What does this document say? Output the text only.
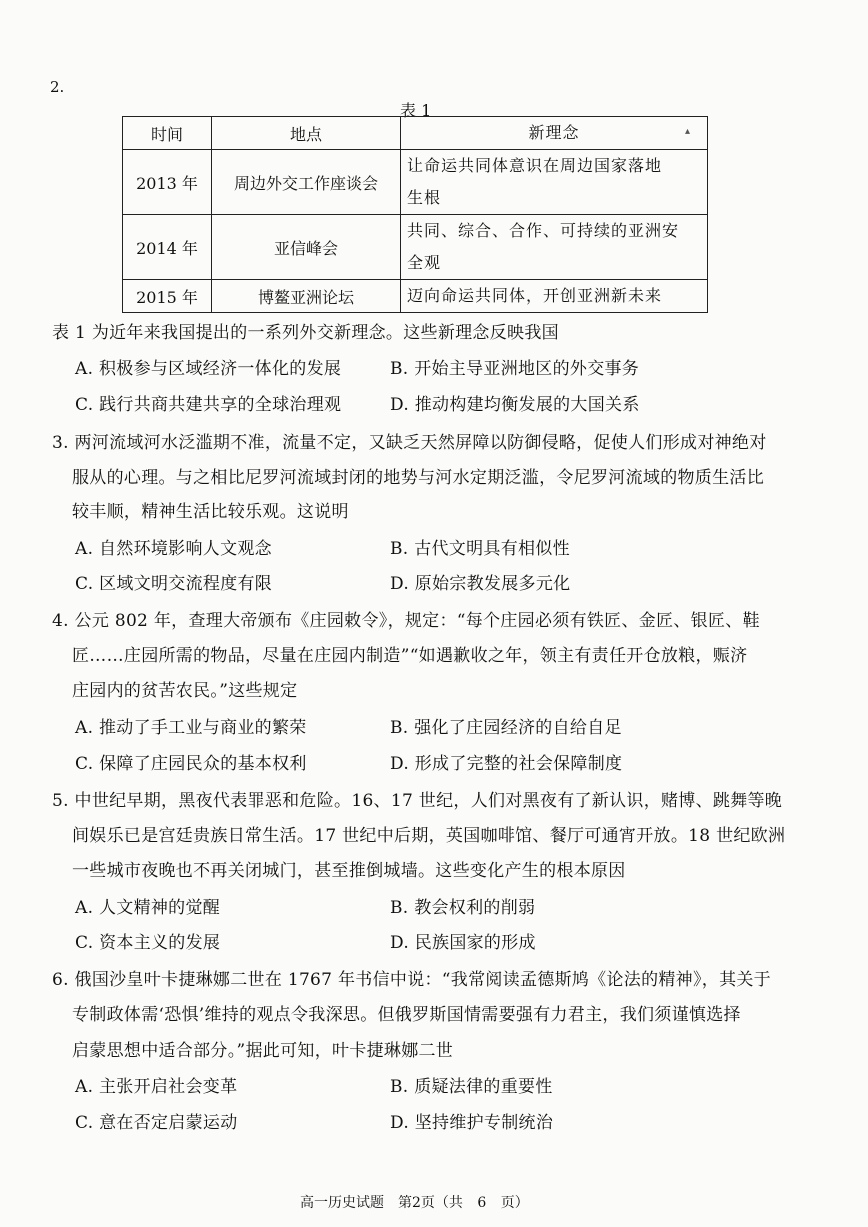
2.
表 1
▴
时间	地点	新理念
2013 年	周边外交工作座谈会	让命运共同体意识在周边国家落地
生根

2014 年	亚信峰会	共同、综合、合作、可持续的亚洲安
全观

2015 年	博鳌亚洲论坛	迈向命运共同体，开创亚洲新未来
表 1 为近年来我国提出的一系列外交新理念。这些新理念反映我国
A. 积极参与区域经济一体化的发展	B. 开始主导亚洲地区的外交事务
C. 践行共商共建共享的全球治理观	D. 推动构建均衡发展的大国关系
3. 两河流域河水泛滥期不准，流量不定，又缺乏天然屏障以防御侵略，促使人们形成对神绝对
服从的心理。与之相比尼罗河流域封闭的地势与河水定期泛滥，令尼罗河流域的物质生活比
较丰顺，精神生活比较乐观。这说明
A. 自然环境影响人文观念	B. 古代文明具有相似性
C. 区域文明交流程度有限	D. 原始宗教发展多元化
4. 公元 802 年，查理大帝颁布《庄园敕令》，规定：“每个庄园必须有铁匠、金匠、银匠、鞋
匠……庄园所需的物品，尽量在庄园内制造”“如遇歉收之年，领主有责任开仓放粮，赈济
庄园内的贫苦农民。”这些规定
A. 推动了手工业与商业的繁荣	B. 强化了庄园经济的自给自足
C. 保障了庄园民众的基本权利	D. 形成了完整的社会保障制度
5. 中世纪早期，黑夜代表罪恶和危险。16、17 世纪，人们对黑夜有了新认识，赌博、跳舞等晚
间娱乐已是宫廷贵族日常生活。17 世纪中后期，英国咖啡馆、餐厅可通宵开放。18 世纪欧洲
一些城市夜晚也不再关闭城门，甚至推倒城墙。这些变化产生的根本原因
A. 人文精神的觉醒	B. 教会权利的削弱
C. 资本主义的发展	D. 民族国家的形成
6. 俄国沙皇叶卡捷琳娜二世在 1767 年书信中说：“我常阅读孟德斯鸠《论法的精神》，其关于
专制政体需‘恐惧’维持的观点令我深思。但俄罗斯国情需要强有力君主，我们须谨慎选择
启蒙思想中适合部分。”据此可知，叶卡捷琳娜二世
A. 主张开启社会变革	B. 质疑法律的重要性
C. 意在否定启蒙运动	D. 坚持维护专制统治
高一历史试题　第2页（共 6 页）
